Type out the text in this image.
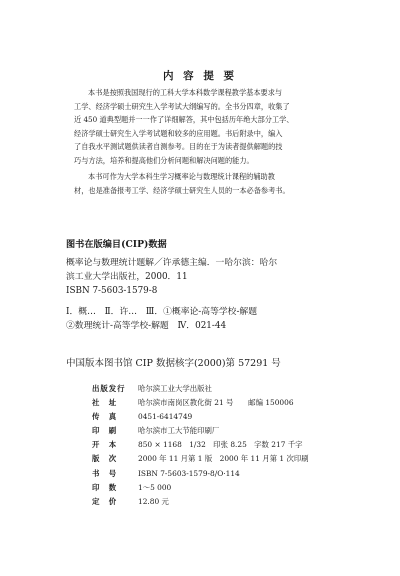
内 容 提 要
本书是按照我国现行的工科大学本科数学课程教学基本要求与
工学、经济学硕士研究生入学考试大纲编写的。全书分四章，收集了
近 450 道典型题并一一作了详细解答，其中包括历年绝大部分工学、
经济学硕士研究生入学考试题和较多的应用题。书后附录中，编入
了自我水平测试题供读者自测参考。目的在于为读者提供解题的技
巧与方法，培养和提高他们分析问题和解决问题的能力。
本书可作为大学本科生学习概率论与数理统计课程的辅助教
材，也是准备报考工学、经济学硕士研究生人员的一本必备参考书。
图书在版编目(CIP)数据
概率论与数理统计题解／许承德主编．一哈尔滨：哈尔
滨工业大学出版社，2000．11
ISBN 7-5603-1579-8
Ⅰ．概…　Ⅱ．许…　Ⅲ．①概率论-高等学校-解题
②数理统计-高等学校-解题　Ⅳ．021-44
中国版本图书馆 CIP 数据核字(2000)第 57291 号
出版发行	哈尔滨工业大学出版社
社　址	哈尔滨市南岗区教化街 21 号　　邮编 150006
传　真	0451-6414749
印　刷	哈尔滨市工大节能印刷厂
开　本	850 × 1168　1/32　印张 8.25　字数 217 千字
版　次	2000 年 11 月第 1 版　2000 年 11 月第 1 次印刷
书　号	ISBN 7-5603-1579-8/O·114
印　数	1～5 000
定　价	12.80 元
